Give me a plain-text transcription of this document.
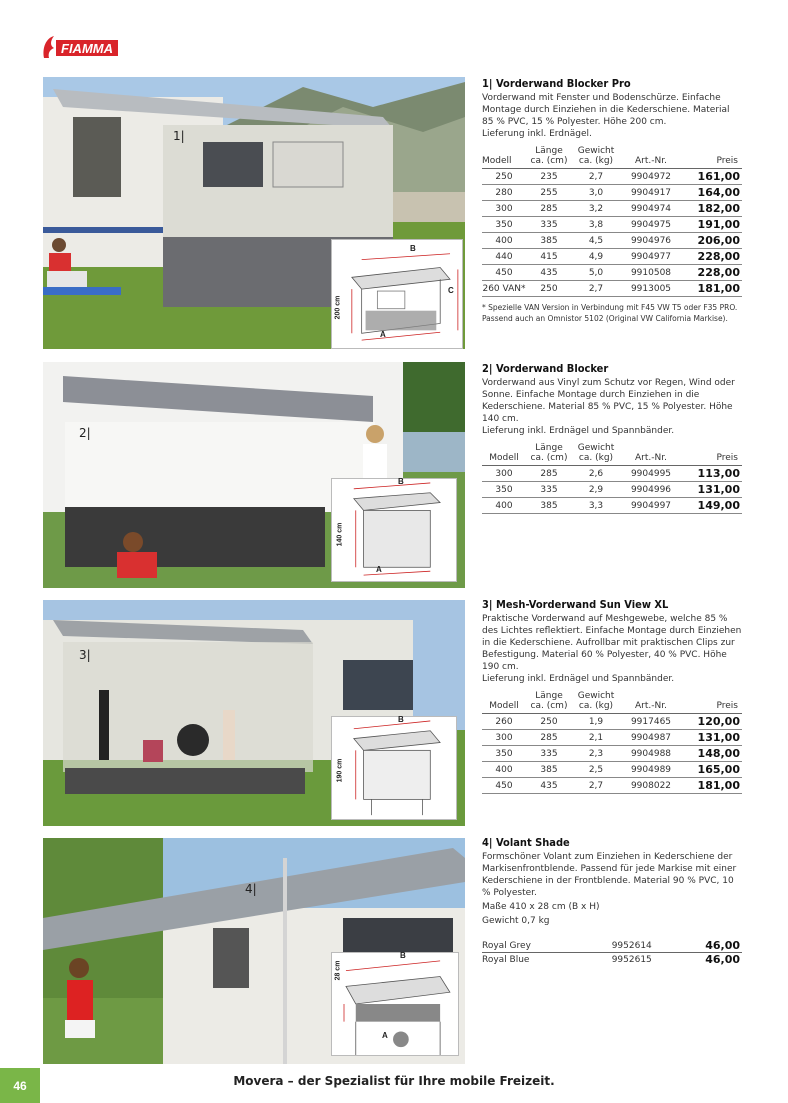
FIAMMA
1|
B
C
A
200 cm
1| Vorderwand Blocker Pro

Vorderwand mit Fenster und Bodenschürze. Einfache Montage durch Einziehen in die Kederschiene. Material 85 % PVC, 15 % Polyester. Höhe 200 cm.

Lieferung inkl. Erdnägel.

Modell	Länge
ca. (cm)	Gewicht
ca. (kg)	Art.-Nr.	Preis
250	235	2,7	9904972	161,00
280	255	3,0	9904917	164,00
300	285	3,2	9904974	182,00
350	335	3,8	9904975	191,00
400	385	4,5	9904976	206,00
440	415	4,9	9904977	228,00
450	435	5,0	9910508	228,00
260 VAN*	250	2,7	9913005	181,00
* Spezielle VAN Version in Verbindung mit F45 VW T5 oder F35 PRO. Passend auch an Omnistor 5102 (Original VW California Markise).
2|
B
A
140 cm
2| Vorderwand Blocker

Vorderwand aus Vinyl zum Schutz vor Regen, Wind oder Sonne. Einfache Montage durch Einziehen in die Kederschiene. Material 85 % PVC, 15 % Polyester. Höhe 140 cm.

Lieferung inkl. Erdnägel und Spannbänder.

Modell	Länge
ca. (cm)	Gewicht
ca. (kg)	Art.-Nr.	Preis
300	285	2,6	9904995	113,00
350	335	2,9	9904996	131,00
400	385	3,3	9904997	149,00
3|
B
190 cm
3| Mesh-Vorderwand Sun View XL

Praktische Vorderwand auf Meshgewebe, welche 85 % des Lichtes reflektiert. Einfache Montage durch Einziehen in die Kederschiene. Aufrollbar mit praktischen Clips zur Befestigung. Material 60 % Polyester, 40 % PVC. Höhe 190 cm.

Lieferung inkl. Erdnägel und Spannbänder.

Modell	Länge
ca. (cm)	Gewicht
ca. (kg)	Art.-Nr.	Preis
260	250	1,9	9917465	120,00
300	285	2,1	9904987	131,00
350	335	2,3	9904988	148,00
400	385	2,5	9904989	165,00
450	435	2,7	9908022	181,00
4|
B
A
28 cm
4| Volant Shade

Formschöner Volant zum Einziehen in Kederschiene der Markisenfrontblende. Passend für jede Markise mit einer Kederschiene in der Frontblende. Material 90 % PVC, 10 % Polyester.

Maße 410 x 28 cm (B x H)

Gewicht 0,7 kg

Royal Grey	9952614	46,00
Royal Blue	9952615	46,00
46	Movera – der Spezialist für Ihre mobile Freizeit.
